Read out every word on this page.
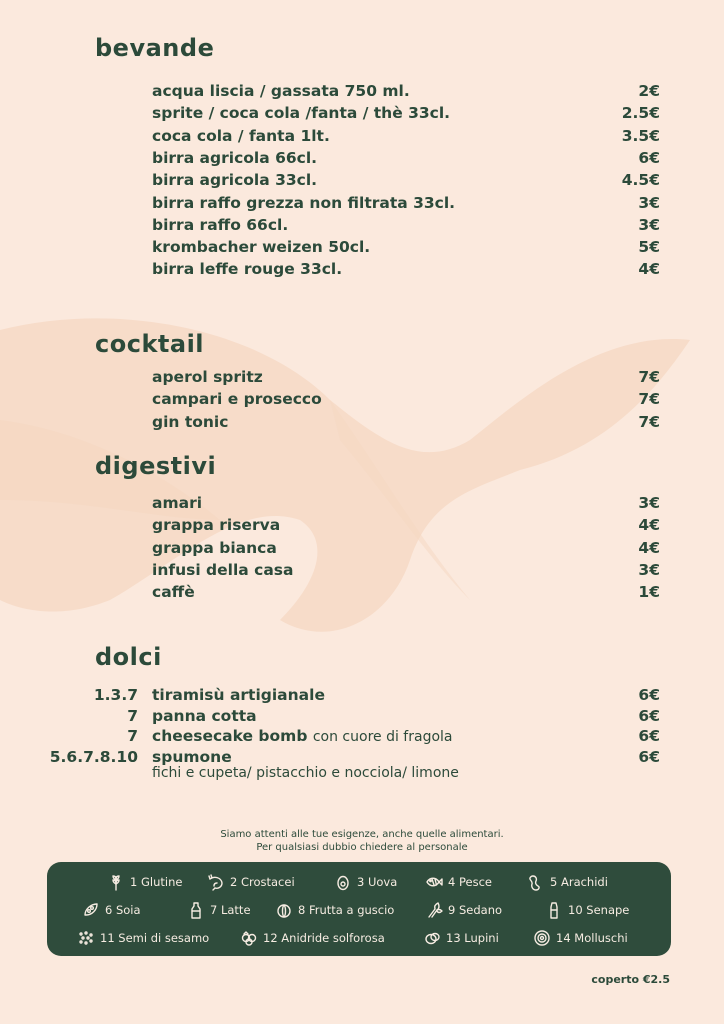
bevande
acqua liscia / gassata 750 ml.	2€
sprite / coca cola /fanta / thè 33cl.	2.5€
coca cola / fanta 1lt.	3.5€
birra agricola 66cl.	6€
birra agricola 33cl.	4.5€
birra raffo grezza non filtrata 33cl.	3€
birra raffo 66cl.	3€
krombacher weizen 50cl.	5€
birra leffe rouge 33cl.	4€
cocktail
aperol spritz	7€
campari e prosecco	7€
gin tonic	7€
digestivi
amari	3€
grappa riserva	4€
grappa bianca	4€
infusi della casa	3€
caffè	1€
dolci
1.3.7 tiramisù artigianale	6€
7 panna cotta	6€
7 cheesecake bomb con cuore di fragola	6€
5.6.7.8.10 spumone	6€
fichi e cupeta/ pistacchio e nocciola/ limone
Siamo attenti alle tue esigenze, anche quelle alimentari.
Per qualsiasi dubbio chiedere al personale
1 Glutine	2 Crostacei	3 Uova	4 Pesce	5 Arachidi
6 Soia	7 Latte	8 Frutta a guscio	9 Sedano	10 Senape
11 Semi di sesamo	12 Anidride solforosa	13 Lupini	14 Molluschi
coperto €2.5
